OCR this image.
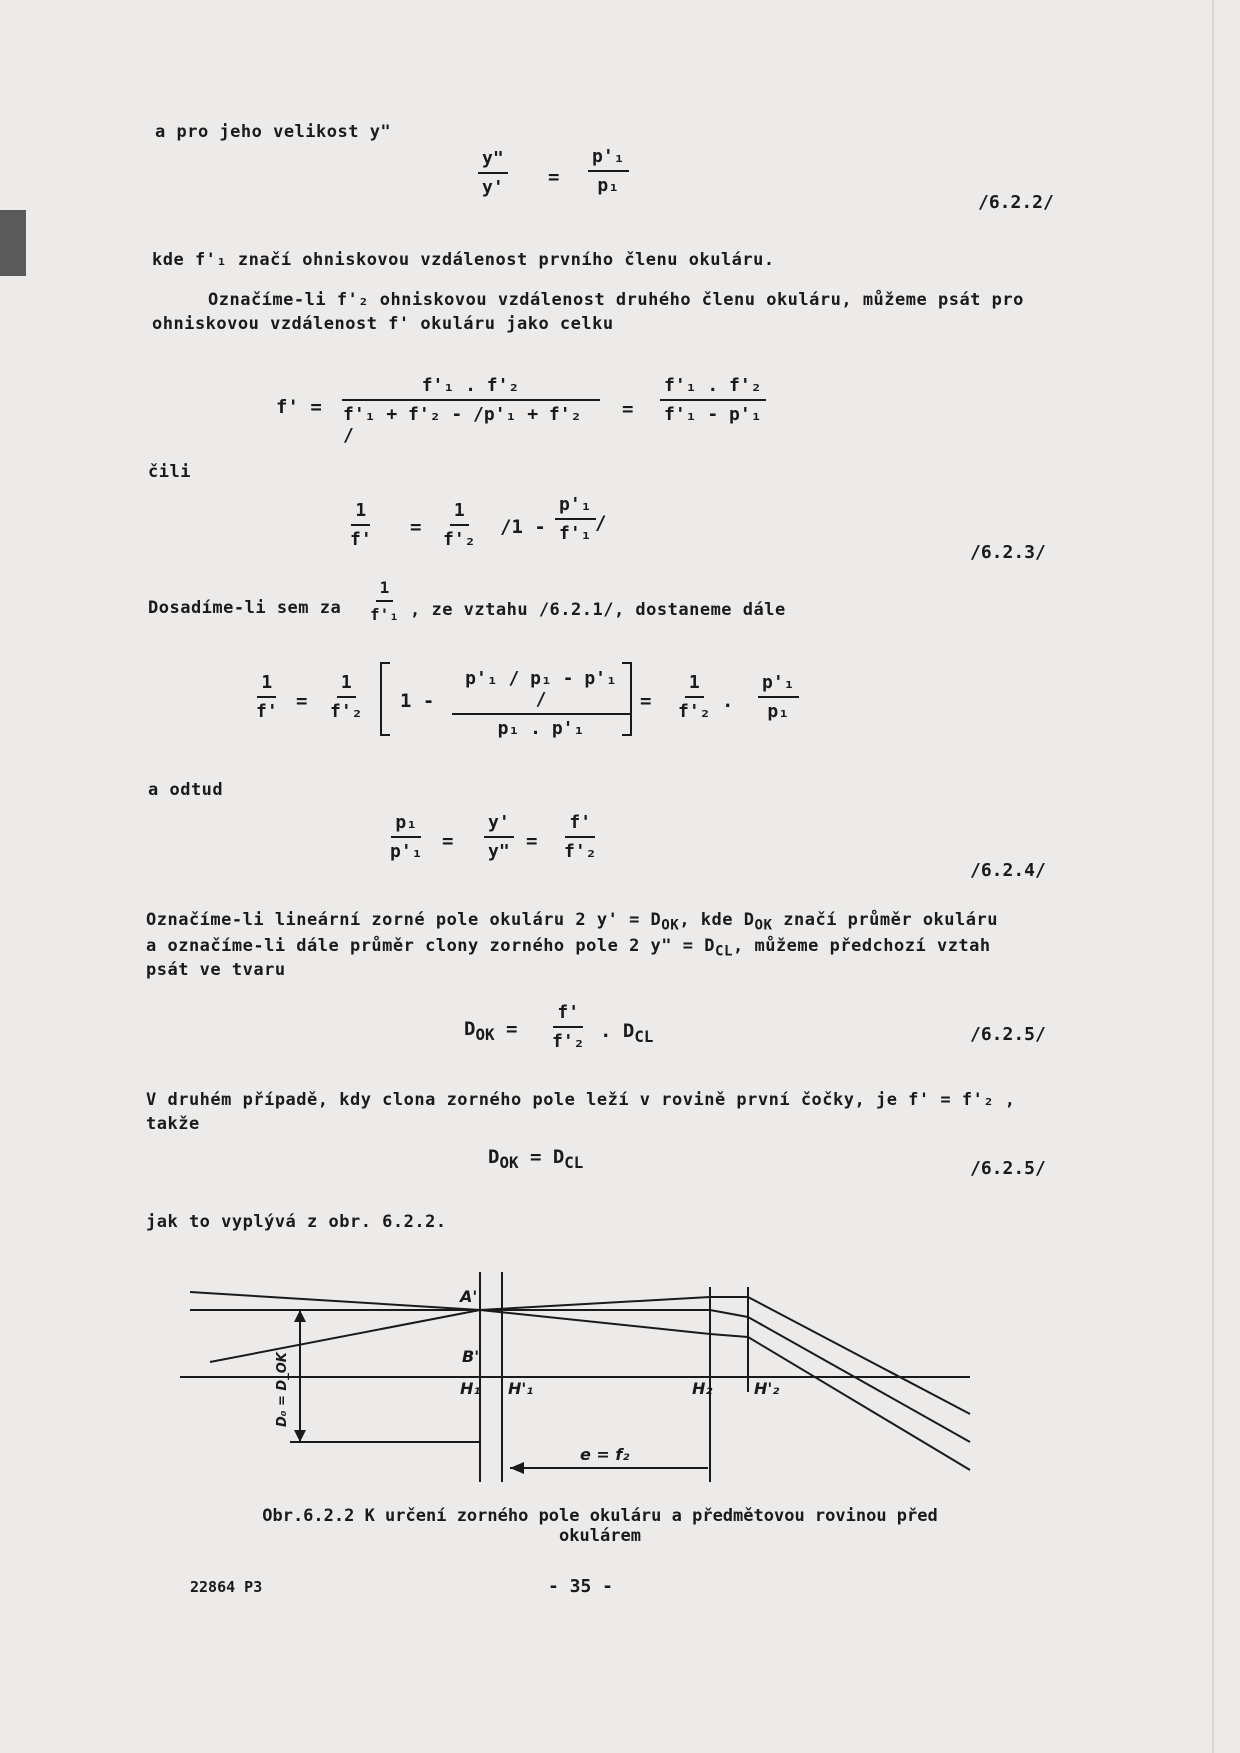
a pro jeho velikost y"
$\frac{y"}{y'} = \frac{\text{p'₁}}{\text{p₁}}$
/6.2.2/
kde f'₁ značí ohniskovou vzdálenost prvního členu okuláru.
Označíme-li f'₂ ohniskovou vzdálenost druhého členu okuláru, můžeme psát pro
ohniskovou vzdálenost f' okuláru jako celku
$f' = \frac{\text{f'₁ . f'₂}}{\text{f'₁ + f'₂ - /p'₁ + f'₂ /}} = \frac{\text{f'₁ . f'₂}}{\text{f'₁ - p'₁}}$
čili
$\frac{1}{f'} = \frac{1}{\text{f'₂}} /1 - \frac{\text{p'₁}}{\text{f'₁}}$ /
/6.2.3/
Dosadíme-li sem za $\frac{1}{\text{f'₁}}$ , ze vztahu /6.2.1/, dostaneme dále
$\frac{1}{f'} = \frac{1}{\text{f'₂}} 1 - \frac{\text{p'₁ / p₁ - p'₁ /}}{\text{p₁ . p'₁}} = \frac{1}{\text{f'₂}}$ . $\frac{\text{p'₁}}{\text{p₁}}$
a odtud
$\frac{\text{p₁}}{\text{p'₁}} = \frac{y'}{y"} = \frac{f'}{\text{f'₂}}$
/6.2.4/
Označíme-li lineární zorné pole okuláru 2 $y' = D_{OK}$, kde $D_{OK}$ značí průměr okuláru
a označíme-li dále průměr clony zorného pole 2 y" = $D_{CL}$, můžeme předchozí vztah
psát ve tvaru
$D_{OK} = \frac{f'}{\text{f'₂}}$ . $D_{CL}$	/6.2.5/
V druhém případě, kdy clona zorného pole leží v rovině první čočky, je f' = f'₂ ,
takže
$D_{OK} = D_{CL}$	/6.2.5/
jak to vyplývá z obr. 6.2.2.
A'
B'
H₁ H'₁	H₂	H'₂
e = f₂
D₀ = D_OK
Obr.6.2.2 K určení zorného pole okuláru a předmětovou rovinou před
okulárem
22864 P3	- 35 -
